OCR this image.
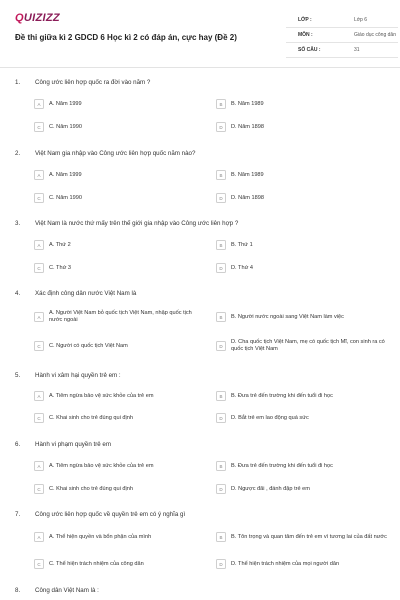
QUIZIZZ
Đề thi giữa kì 2 GDCD 6 Học kì 2 có đáp án, cực hay (Đề 2)
LỚP :	Lớp 6
MÔN :	Giáo dục công dân
SỐ CÂU :	31
1. Công ước liên hợp quốc ra đời vào năm ?
A	A. Năm 1999	B	B. Năm 1989
C	C. Năm 1990	D	D. Năm 1898
2. Việt Nam gia nhập vào Công ước liên hợp quốc năm nào?
A	A. Năm 1999	B	B. Năm 1989
C	C. Năm 1990	D	D. Năm 1898
3. Việt Nam là nước thứ mấy trên thế giới gia nhập vào Công ước liên hợp ?
A	A. Thứ 2	B	B. Thứ 1
C	C. Thứ 3	D	D. Thứ 4
4. Xác định công dân nước Việt Nam là
A
A. Người Việt Nam bỏ quốc tịch Việt Nam, nhập quốc tịch nước ngoài	B	B. Người nước ngoài sang Việt Nam làm việc
C	C. Người có quốc tịch Việt Nam	D
D. Cha quốc tịch Việt Nam, mẹ có quốc tịch Mĩ, con sinh ra có quốc tịch Việt Nam
5. Hành vi xâm hại quyền trẻ em :
A	A. Tiêm ngừa bảo vệ sức khỏe của trẻ em	B	B. Đưa trẻ đến trường khi đến tuổi đi học
C	C. Khai sinh cho trẻ đúng qui định	D	D. Bắt trẻ em lao động quá sức
6. Hành vi phạm quyền trẻ em
A	A. Tiêm ngừa bảo vệ sức khỏe của trẻ em	B	B. Đưa trẻ đến trường khi đến tuổi đi học
C	C. Khai sinh cho trẻ đúng qui định	D	D. Ngược đãi , đánh đập trẻ em
7. Công ước liên hợp quốc về quyền trẻ em có ý nghĩa gì
A	A. Thể hiện quyền và bổn phận của mình	B	B. Tôn trọng và quan tâm đến trẻ em vì tương lai của đất nước
C	C. Thể hiện trách nhiệm của công dân	D	D. Thể hiện trách nhiệm của mọi người dân
8. Công dân Việt Nam là :
